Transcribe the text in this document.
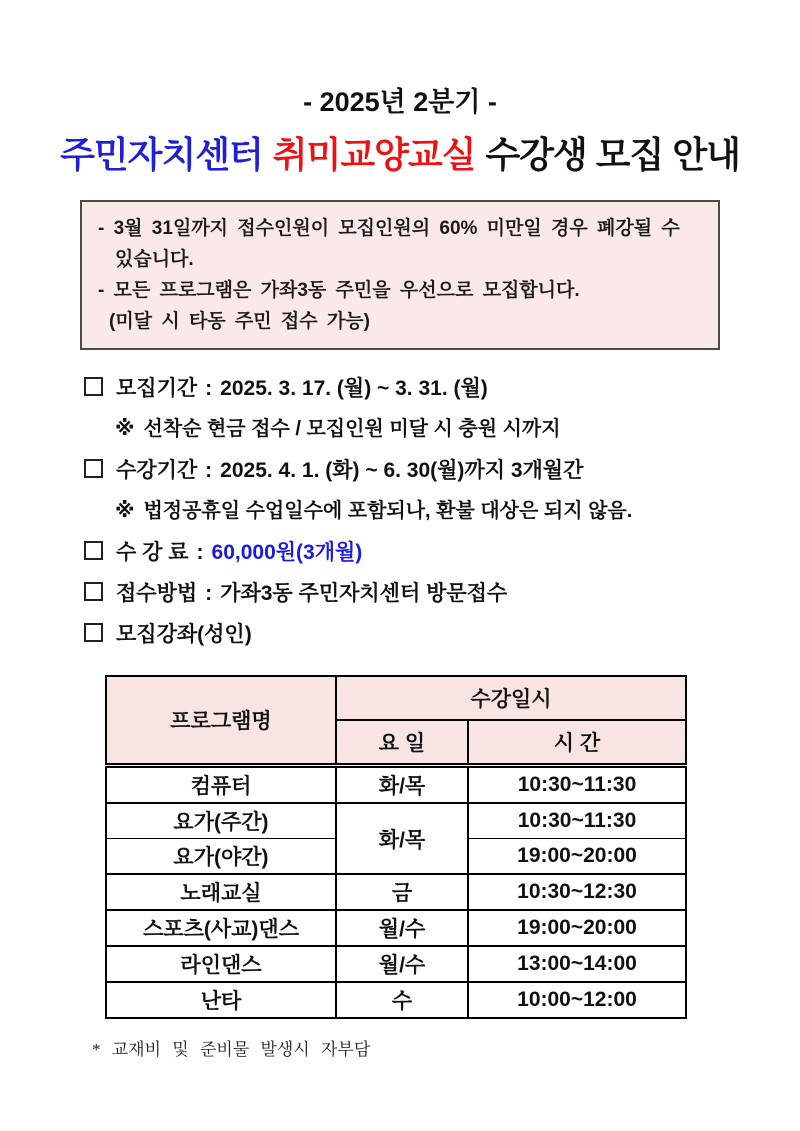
- 2025년 2분기 -
주민자치센터 취미교양교실 수강생 모집 안내
- 3월 31일까지 접수인원이 모집인원의 60% 미만일 경우 폐강될 수
있습니다.
- 모든 프로그램은 가좌3동 주민을 우선으로 모집합니다.
(미달 시 타동 주민 접수 가능)
모집기간 : 2025. 3. 17. (월) ~ 3. 31. (월)
※ 선착순 현금 접수 / 모집인원 미달 시 충원 시까지
수강기간 : 2025. 4. 1. (화) ~ 6. 30(월)까지 3개월간
※ 법정공휴일 수업일수에 포함되나, 환불 대상은 되지 않음.
수 강 료 : 60,000원(3개월)
접수방법 : 가좌3동 주민자치센터 방문접수
모집강좌(성인)
프로그램명	수강일시	
	요 일	시 간
컴퓨터	화/목	10:30~11:30
요가(주간)	화/목	10:30~11:30
요가(야간)		19:00~20:00
노래교실	금	10:30~12:30
스포츠(사교)댄스	월/수	19:00~20:00
라인댄스	월/수	13:00~14:00
난타	수	10:00~12:00
* 교재비 및 준비물 발생시 자부담
